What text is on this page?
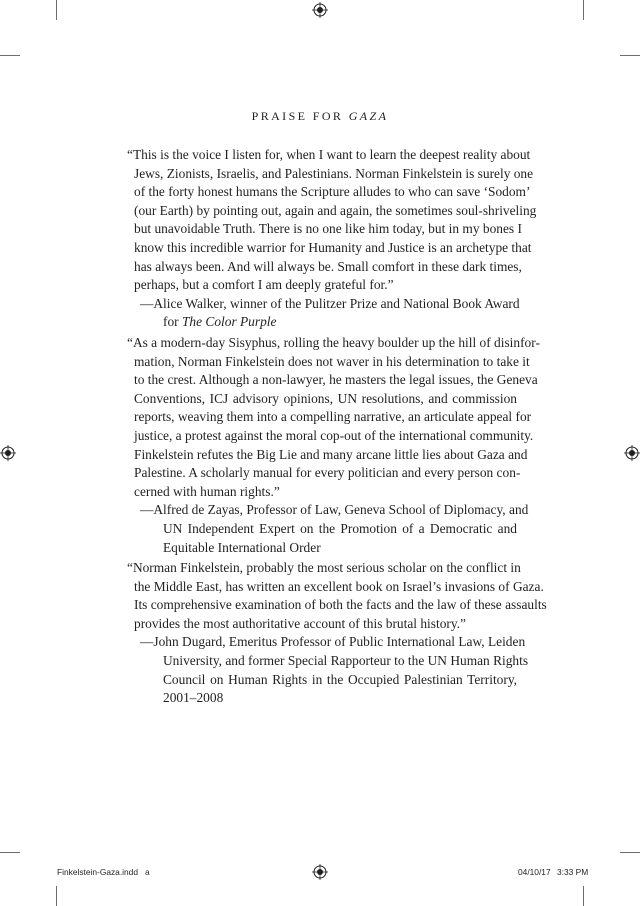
PRAISE FOR GAZA
“This is the voice I listen for, when I want to learn the deepest reality about
Jews, Zionists, Israelis, and Palestinians. Norman Finkelstein is surely one
of the forty honest humans the Scripture alludes to who can save ‘Sodom’
(our Earth) by pointing out, again and again, the sometimes soul-shriveling
but unavoidable Truth. There is no one like him today, but in my bones I
know this incredible warrior for Humanity and Justice is an archetype that
has always been. And will always be. Small comfort in these dark times,
perhaps, but a comfort I am deeply grateful for.”
—Alice Walker, winner of the Pulitzer Prize and National Book Award
for The Color Purple
“As a modern-day Sisyphus, rolling the heavy boulder up the hill of disinfor-
mation, Norman Finkelstein does not waver in his determination to take it
to the crest. Although a non-lawyer, he masters the legal issues, the Geneva
Conventions, ICJ advisory opinions, UN resolutions, and commission
reports, weaving them into a compelling narrative, an articulate appeal for
justice, a protest against the moral cop-out of the international community.
Finkelstein refutes the Big Lie and many arcane little lies about Gaza and
Palestine. A scholarly manual for every politician and every person con-
cerned with human rights.”
—Alfred de Zayas, Professor of Law, Geneva School of Diplomacy, and
UN Independent Expert on the Promotion of a Democratic and
Equitable International Order
“Norman Finkelstein, probably the most serious scholar on the conflict in
the Middle East, has written an excellent book on Israel’s invasions of Gaza.
Its comprehensive examination of both the facts and the law of these assaults
provides the most authoritative account of this brutal history.”
—John Dugard, Emeritus Professor of Public International Law, Leiden
University, and former Special Rapporteur to the UN Human Rights
Council on Human Rights in the Occupied Palestinian Territory,
2001–2008
Finkelstein-Gaza.indd   a	04/10/17 3:33 PM
